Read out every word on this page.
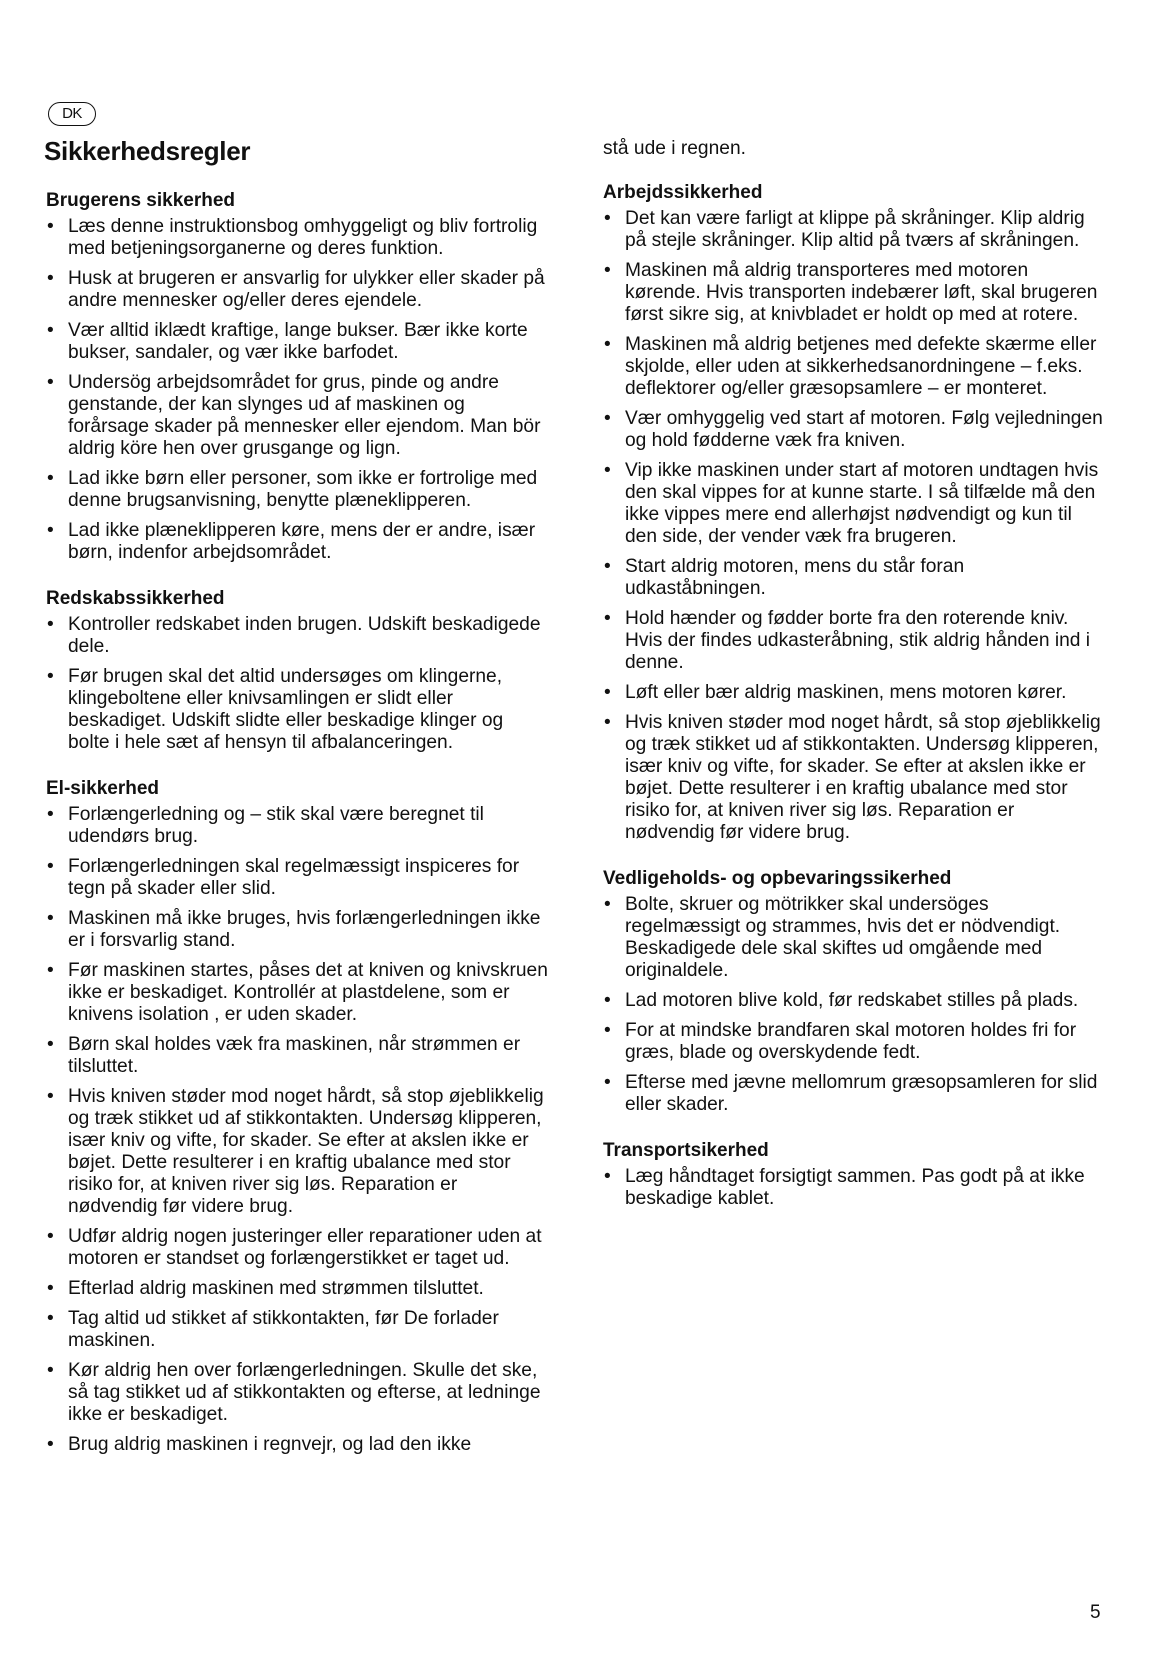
DK
Sikkerhedsregler
Brugerens sikkerhed
• Læs denne instruktionsbog omhyggeligt og bliv fortrolig med betjeningsorganerne og deres funktion.
• Husk at brugeren er ansvarlig for ulykker eller skader på andre mennesker og/eller deres ejendele.
• Vær alltid iklædt kraftige, lange bukser. Bær ikke korte bukser, sandaler, og vær ikke barfodet.
• Undersög arbejdsområdet for grus, pinde og andre genstande, der kan slynges ud af maskinen og forårsage skader på mennesker eller ejendom. Man bör aldrig köre hen over grusgange og lign.
• Lad ikke børn eller personer, som ikke er fortrolige med denne brugsanvisning, benytte plæneklipperen.
• Lad ikke plæneklipperen køre, mens der er andre, især børn, indenfor arbejdsområdet.
Redskabssikkerhed
• Kontroller redskabet inden brugen. Udskift beskadigede dele.
• Før brugen skal det altid undersøges om klingerne, klingeboltene eller knivsamlingen er slidt eller beskadiget. Udskift slidte eller beskadige klinger og bolte i hele sæt af hensyn til afbalanceringen.
El-sikkerhed
• Forlængerledning og – stik skal være beregnet til udendørs brug.
• Forlængerledningen skal regelmæssigt inspiceres for tegn på skader eller slid.
• Maskinen må ikke bruges, hvis forlængerledningen ikke er i forsvarlig stand.
• Før maskinen startes, påses det at kniven og knivskruen ikke er beskadiget. Kontrollér at plastdelene, som er knivens isolation , er uden skader.
• Børn skal holdes væk fra maskinen, når strømmen er tilsluttet.
• Hvis kniven støder mod noget hårdt, så stop øjeblikkelig og træk stikket ud af stikkontakten. Undersøg klipperen, især kniv og vifte, for skader. Se efter at akslen ikke er bøjet. Dette resulterer i en kraftig ubalance med stor risiko for, at kniven river sig løs. Reparation er nødvendig før videre brug.
• Udfør aldrig nogen justeringer eller reparationer uden at motoren er standset og forlængerstikket er taget ud.
• Efterlad aldrig maskinen med strømmen tilsluttet.
• Tag altid ud stikket af stikkontakten, før De forlader maskinen.
• Kør aldrig hen over forlængerledningen. Skulle det ske, så tag stikket ud af stikkontakten og efterse, at ledninge ikke er beskadiget.
• Brug aldrig maskinen i regnvejr, og lad den ikke

stå ude i regnen.

Arbejdssikkerhed
• Det kan være farligt at klippe på skråninger. Klip aldrig på stejle skråninger. Klip altid på tværs af skråningen.
• Maskinen må aldrig transporteres med motoren kørende. Hvis transporten indebærer løft, skal brugeren først sikre sig, at knivbladet er holdt op med at rotere.
• Maskinen må aldrig betjenes med defekte skærme eller skjolde, eller uden at sikkerhedsanordningene – f.eks. deflektorer og/eller græsopsamlere – er monteret.
• Vær omhyggelig ved start af motoren. Følg vejledningen og hold fødderne væk fra kniven.
• Vip ikke maskinen under start af motoren undtagen hvis den skal vippes for at kunne starte. I så tilfælde må den ikke vippes mere end allerhøjst nødvendigt og kun til den side, der vender væk fra brugeren.
• Start aldrig motoren, mens du står foran udkaståbningen.
• Hold hænder og fødder borte fra den roterende kniv. Hvis der findes udkasteråbning, stik aldrig hånden ind i denne.
• Løft eller bær aldrig maskinen, mens motoren kører.
• Hvis kniven støder mod noget hårdt, så stop øjeblikkelig og træk stikket ud af stikkontakten. Undersøg klipperen, især kniv og vifte, for skader. Se efter at akslen ikke er bøjet. Dette resulterer i en kraftig ubalance med stor risiko for, at kniven river sig løs. Reparation er nødvendig før videre brug.
Vedligeholds- og opbevaringssikerhed
• Bolte, skruer og mötrikker skal undersöges regelmæssigt og strammes, hvis det er nödvendigt. Beskadigede dele skal skiftes ud omgående med originaldele.
• Lad motoren blive kold, før redskabet stilles på plads.
• For at mindske brandfaren skal motoren holdes fri for græs, blade og overskydende fedt.
• Efterse med jævne mellomrum græsopsamleren for slid eller skader.
Transportsikerhed
• Læg håndtaget forsigtigt sammen. Pas godt på at ikke beskadige kablet.
5
